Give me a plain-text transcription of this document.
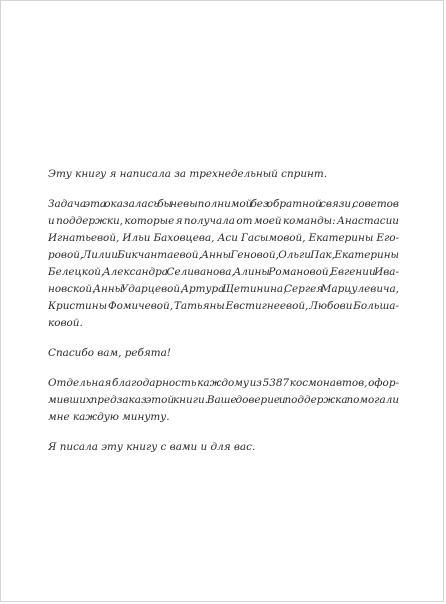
Эту книгу я написала за трехнедельный спринт.

Задача эта оказалась бы невыполнимой без обратной связи, советов
и поддержки, которые я получала от моей команды: Анастасии
Игнатьевой, Ильи Баховцева, Аси Гасымовой, Екатерины Его-
ровой, Лилии Бикчантаевой, Анны Геновой, Ольги Пак, Екатерины
Белецкой, Александра Селиванова, Алины Романовой, Евгении Ива-
новской, Анны Ударцевой, Артура Щетинина, Сергея Марцулевича,
Кристины Фомичевой, Татьяны Евстигнеевой, Любови Больша-
ковой.

Спасибо вам, ребята!

Отдельная благодарность каждому из 5387 космонавтов, офор-
мивших предзаказ этой книги. Ваше доверие и поддержка помогали
мне каждую минуту.

Я писала эту книгу с вами и для вас.
